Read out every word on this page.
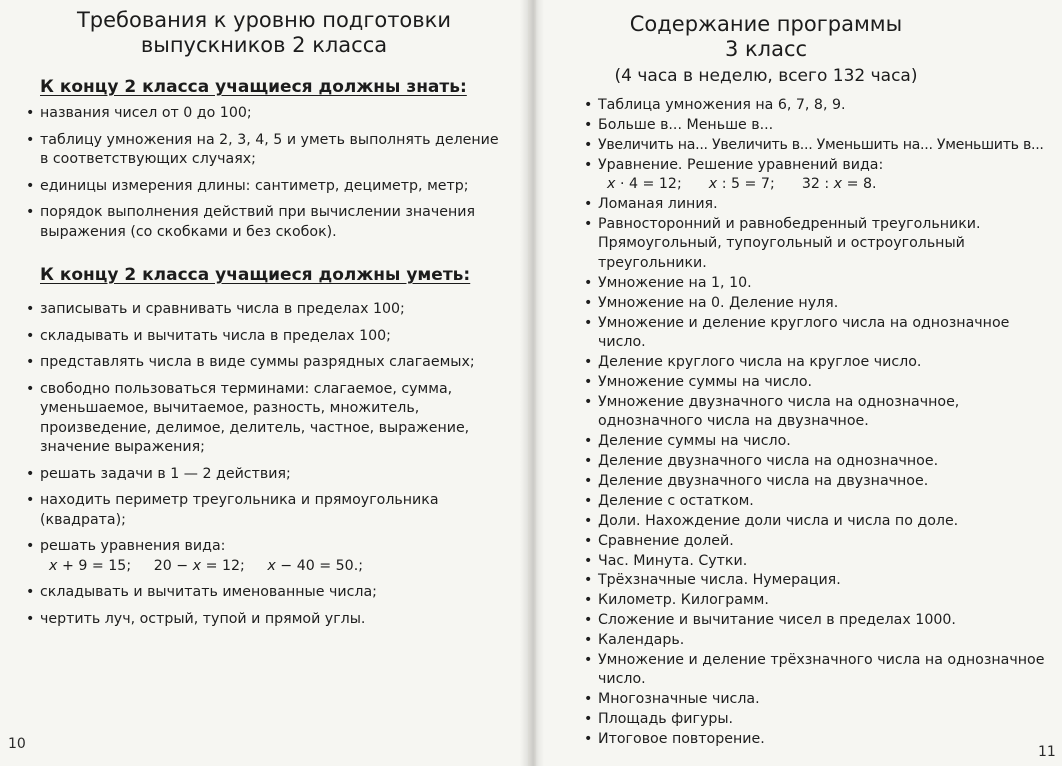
Требования к уровню подготовки
выпускников 2 класса
К концу 2 класса учащиеся должны знать:
• названия чисел от 0 до 100;
• таблицу умножения на 2, 3, 4, 5 и уметь выполнять деление в соответствующих случаях;
• единицы измерения длины: сантиметр, дециметр, метр;
• порядок выполнения действий при вычислении значения выражения (со скобками и без скобок).
К концу 2 класса учащиеся должны уметь:
• записывать и сравнивать числа в пределах 100;
• складывать и вычитать числа в пределах 100;
• представлять числа в виде суммы разрядных слагаемых;
• свободно пользоваться терминами: слагаемое, сумма, уменьшаемое, вычитаемое, разность, множитель, произведение, делимое, делитель, частное, выражение, значение выражения;
• решать задачи в 1 — 2 действия;
• находить периметр треугольника и прямоугольника (квадрата);
• решать уравнения вида:
x + 9 = 15; 20 − x = 12; x − 40 = 50.;
• складывать и вычитать именованные числа;
• чертить луч, острый, тупой и прямой углы.
10
Содержание программы
3 класс
(4 часа в неделю, всего 132 часа)
• Таблица умножения на 6, 7, 8, 9.
• Больше в... Меньше в...
• Увеличить на... Увеличить в... Уменьшить на... Уменьшить в...
• Уравнение. Решение уравнений вида:
x · 4 = 12; x : 5 = 7; 32 : x = 8.
• Ломаная линия.
• Равносторонний и равнобедренный треугольники. Прямоугольный, тупоугольный и остроугольный треугольники.
• Умножение на 1, 10.
• Умножение на 0. Деление нуля.
• Умножение и деление круглого числа на однозначное число.
• Деление круглого числа на круглое число.
• Умножение суммы на число.
• Умножение двузначного числа на однозначное, однозначного числа на двузначное.
• Деление суммы на число.
• Деление двузначного числа на однозначное.
• Деление двузначного числа на двузначное.
• Деление с остатком.
• Доли. Нахождение доли числа и числа по доле.
• Сравнение долей.
• Час. Минута. Сутки.
• Трёхзначные числа. Нумерация.
• Километр. Килограмм.
• Сложение и вычитание чисел в пределах 1000.
• Календарь.
• Умножение и деление трёхзначного числа на однозначное число.
• Многозначные числа.
• Площадь фигуры.
• Итоговое повторение.
11
